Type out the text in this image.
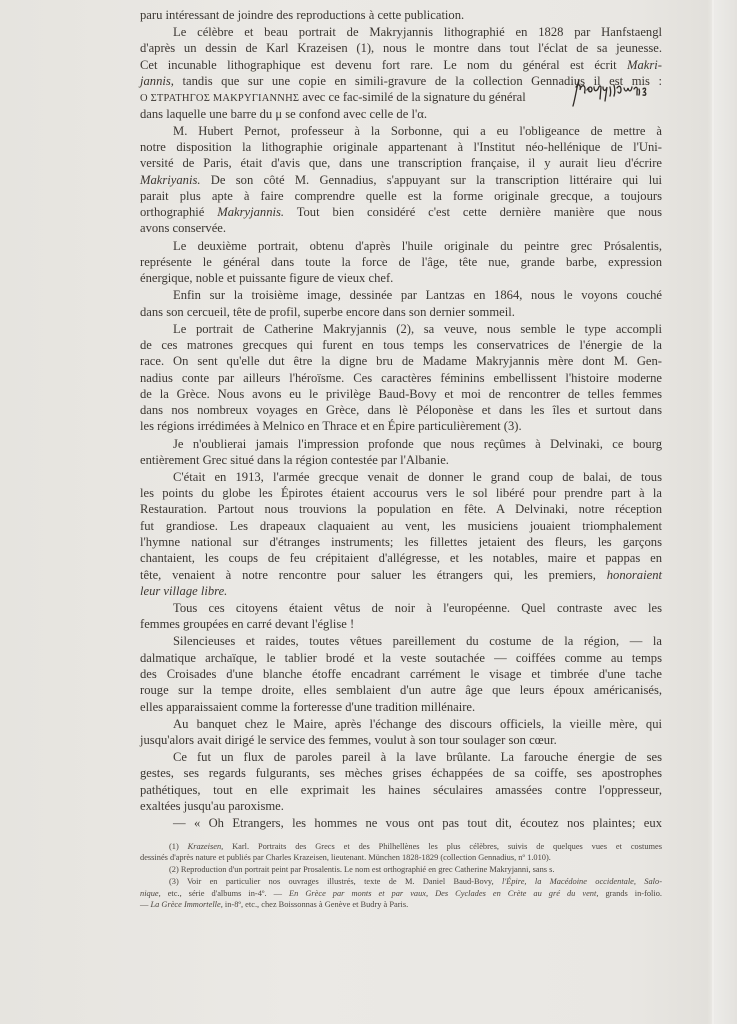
paru intéressant de joindre des reproductions à cette publication.
Le célèbre et beau portrait de Makryjannis lithographié en 1828 par Hanfstaengl
d'après un dessin de Karl Krazeisen (1), nous le montre dans tout l'éclat de sa jeunesse.
Cet incunable lithographique est devenu fort rare. Le nom du général est écrit Makri-
jannis, tandis que sur une copie en simili-gravure de la collection Gennadius il est mis :
Ο ΣΤΡΑΤΗΓΟΣ ΜΑΚΡΥΓΙΑΝΝΗΣ avec ce fac-similé de la signature du général
dans laquelle une barre du μ se confond avec celle de l'α.
M. Hubert Pernot, professeur à la Sorbonne, qui a eu l'obligeance de mettre à
notre disposition la lithographie originale appartenant à l'Institut néo-hellénique de l'Uni-
versité de Paris, était d'avis que, dans une transcription française, il y aurait lieu d'écrire
Makriyanis. De son côté M. Gennadius, s'appuyant sur la transcription littéraire qui lui
parait plus apte à faire comprendre quelle est la forme originale grecque, a toujours
orthographié Makryjannis. Tout bien considéré c'est cette dernière manière que nous
avons conservée.
Le deuxième portrait, obtenu d'après l'huile originale du peintre grec Prósalentis,
représente le général dans toute la force de l'âge, tête nue, grande barbe, expression
énergique, noble et puissante figure de vieux chef.
Enfin sur la troisième image, dessinée par Lantzas en 1864, nous le voyons couché
dans son cercueil, tête de profil, superbe encore dans son dernier sommeil.
Le portrait de Catherine Makryjannis (2), sa veuve, nous semble le type accompli
de ces matrones grecques qui furent en tous temps les conservatrices de l'énergie de la
race. On sent qu'elle dut être la digne bru de Madame Makryjannis mère dont M. Gen-
nadius conte par ailleurs l'héroïsme. Ces caractères féminins embellissent l'histoire moderne
de la Grèce. Nous avons eu le privilège Baud-Bovy et moi de rencontrer de telles femmes
dans nos nombreux voyages en Grèce, dans lè Péloponèse et dans les îles et surtout dans
les régions irrédimées à Melnico en Thrace et en Épire particulièrement (3).
Je n'oublierai jamais l'impression profonde que nous reçûmes à Delvinaki, ce bourg
entièrement Grec situé dans la région contestée par l'Albanie.
C'était en 1913, l'armée grecque venait de donner le grand coup de balai, de tous
les points du globe les Épirotes étaient accourus vers le sol libéré pour prendre part à la
Restauration. Partout nous trouvions la population en fête. A Delvinaki, notre réception
fut grandiose. Les drapeaux claquaient au vent, les musiciens jouaient triomphalement
l'hymne national sur d'étranges instruments; les fillettes jetaient des fleurs, les garçons
chantaient, les coups de feu crépitaient d'allégresse, et les notables, maire et pappas en
tête, venaient à notre rencontre pour saluer les étrangers qui, les premiers, honoraient
leur village libre.
Tous ces citoyens étaient vêtus de noir à l'européenne. Quel contraste avec les
femmes groupées en carré devant l'église !
Silencieuses et raides, toutes vêtues pareillement du costume de la région, — la
dalmatique archaïque, le tablier brodé et la veste soutachée — coiffées comme au temps
des Croisades d'une blanche étoffe encadrant carrément le visage et timbrée d'une tache
rouge sur la tempe droite, elles semblaient d'un autre âge que leurs époux américanisés,
elles apparaissaient comme la forteresse d'une tradition millénaire.
Au banquet chez le Maire, après l'échange des discours officiels, la vieille mère, qui
jusqu'alors avait dirigé le service des femmes, voulut à son tour soulager son cœur.
Ce fut un flux de paroles pareil à la lave brûlante. La farouche énergie de ses
gestes, ses regards fulgurants, ses mèches grises échappées de sa coiffe, ses apostrophes
pathétiques, tout en elle exprimait les haines séculaires amassées contre l'oppresseur,
exaltées jusqu'au paroxisme.
— « Oh Etrangers, les hommes ne vous ont pas tout dit, écoutez nos plaintes; eux
(1) Krazeisen, Karl. Portraits des Grecs et des Philhellènes les plus célèbres, suivis de quelques vues et costumes
dessinés d'après nature et publiés par Charles Krazeisen, lieutenant. München 1828-1829 (collection Gennadius, nº 1.010).
(2) Reproduction d'un portrait peint par Prosalentis. Le nom est orthographié en grec Catherine Makryjanni, sans s.
(3) Voir en particulier nos ouvrages illustrés, texte de M. Daniel Baud-Bovy, l'Épire, la Macédoine occidentale, Salo-
nique, etc., série d'albums in-4º. — En Grèce par monts et par vaux, Des Cyclades en Crète au gré du vent, grands in-folio.
— La Grèce Immortelle, in-8º, etc., chez Boissonnas à Genève et Budry à Paris.
